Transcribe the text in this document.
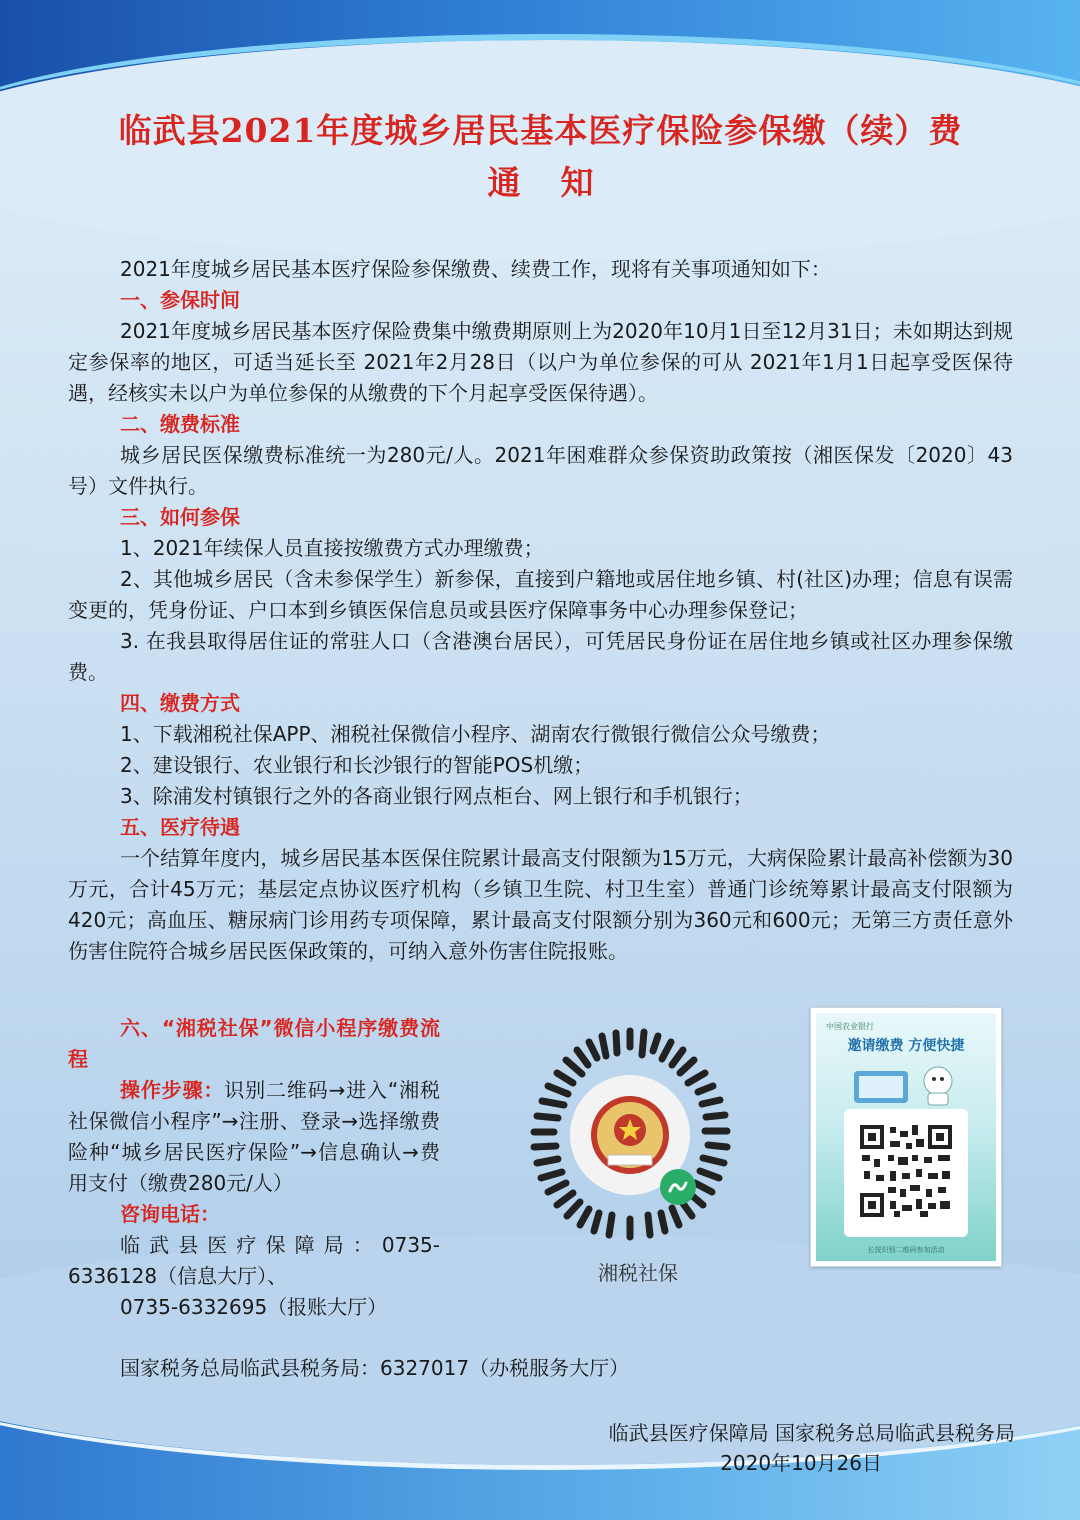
临武县2021年度城乡居民基本医疗保险参保缴（续）费
通知

2021年度城乡居民基本医疗保险参保缴费、续费工作，现将有关事项通知如下：

一、参保时间

2021年度城乡居民基本医疗保险费集中缴费期原则上为2020年10月1日至12月31日；未如期达到规定参保率的地区，可适当延长至 2021年2月28日（以户为单位参保的可从 2021年1月1日起享受医保待遇，经核实未以户为单位参保的从缴费的下个月起享受医保待遇）。

二、缴费标准

城乡居民医保缴费标准统一为280元/人。2021年困难群众参保资助政策按（湘医保发〔2020〕43号）文件执行。

三、如何参保

1、2021年续保人员直接按缴费方式办理缴费；

2、其他城乡居民（含未参保学生）新参保，直接到户籍地或居住地乡镇、村(社区)办理；信息有误需变更的，凭身份证、户口本到乡镇医保信息员或县医疗保障事务中心办理参保登记；

3. 在我县取得居住证的常驻人口（含港澳台居民），可凭居民身份证在居住地乡镇或社区办理参保缴费。

四、缴费方式

1、下载湘税社保APP、湘税社保微信小程序、湖南农行微银行微信公众号缴费；

2、建设银行、农业银行和长沙银行的智能POS机缴；

3、除浦发村镇银行之外的各商业银行网点柜台、网上银行和手机银行；

五、医疗待遇

一个结算年度内，城乡居民基本医保住院累计最高支付限额为15万元，大病保险累计最高补偿额为30万元，合计45万元；基层定点协议医疗机构（乡镇卫生院、村卫生室）普通门诊统筹累计最高支付限额为420元；高血压、糖尿病门诊用药专项保障，累计最高支付限额分别为360元和600元；无第三方责任意外伤害住院符合城乡居民医保政策的，可纳入意外伤害住院报账。

六、“湘税社保”微信小程序缴费流程

操作步骤：识别二维码→进入“湘税社保微信小程序”→注册、登录→选择缴费险种“城乡居民医疗保险”→信息确认→费用支付（缴费280元/人）

咨询电话：

临武县医疗保障局：0735-6336128（信息大厅）、

0735-6332695（报账大厅）

湘税社保
中国农业银行
邀请缴费 方便快捷
长按识别二维码参加活动

国家税务总局临武县税务局：6327017（办税服务大厅）

临武县医疗保障局 国家税务总局临武县税务局
2020年10月26日
